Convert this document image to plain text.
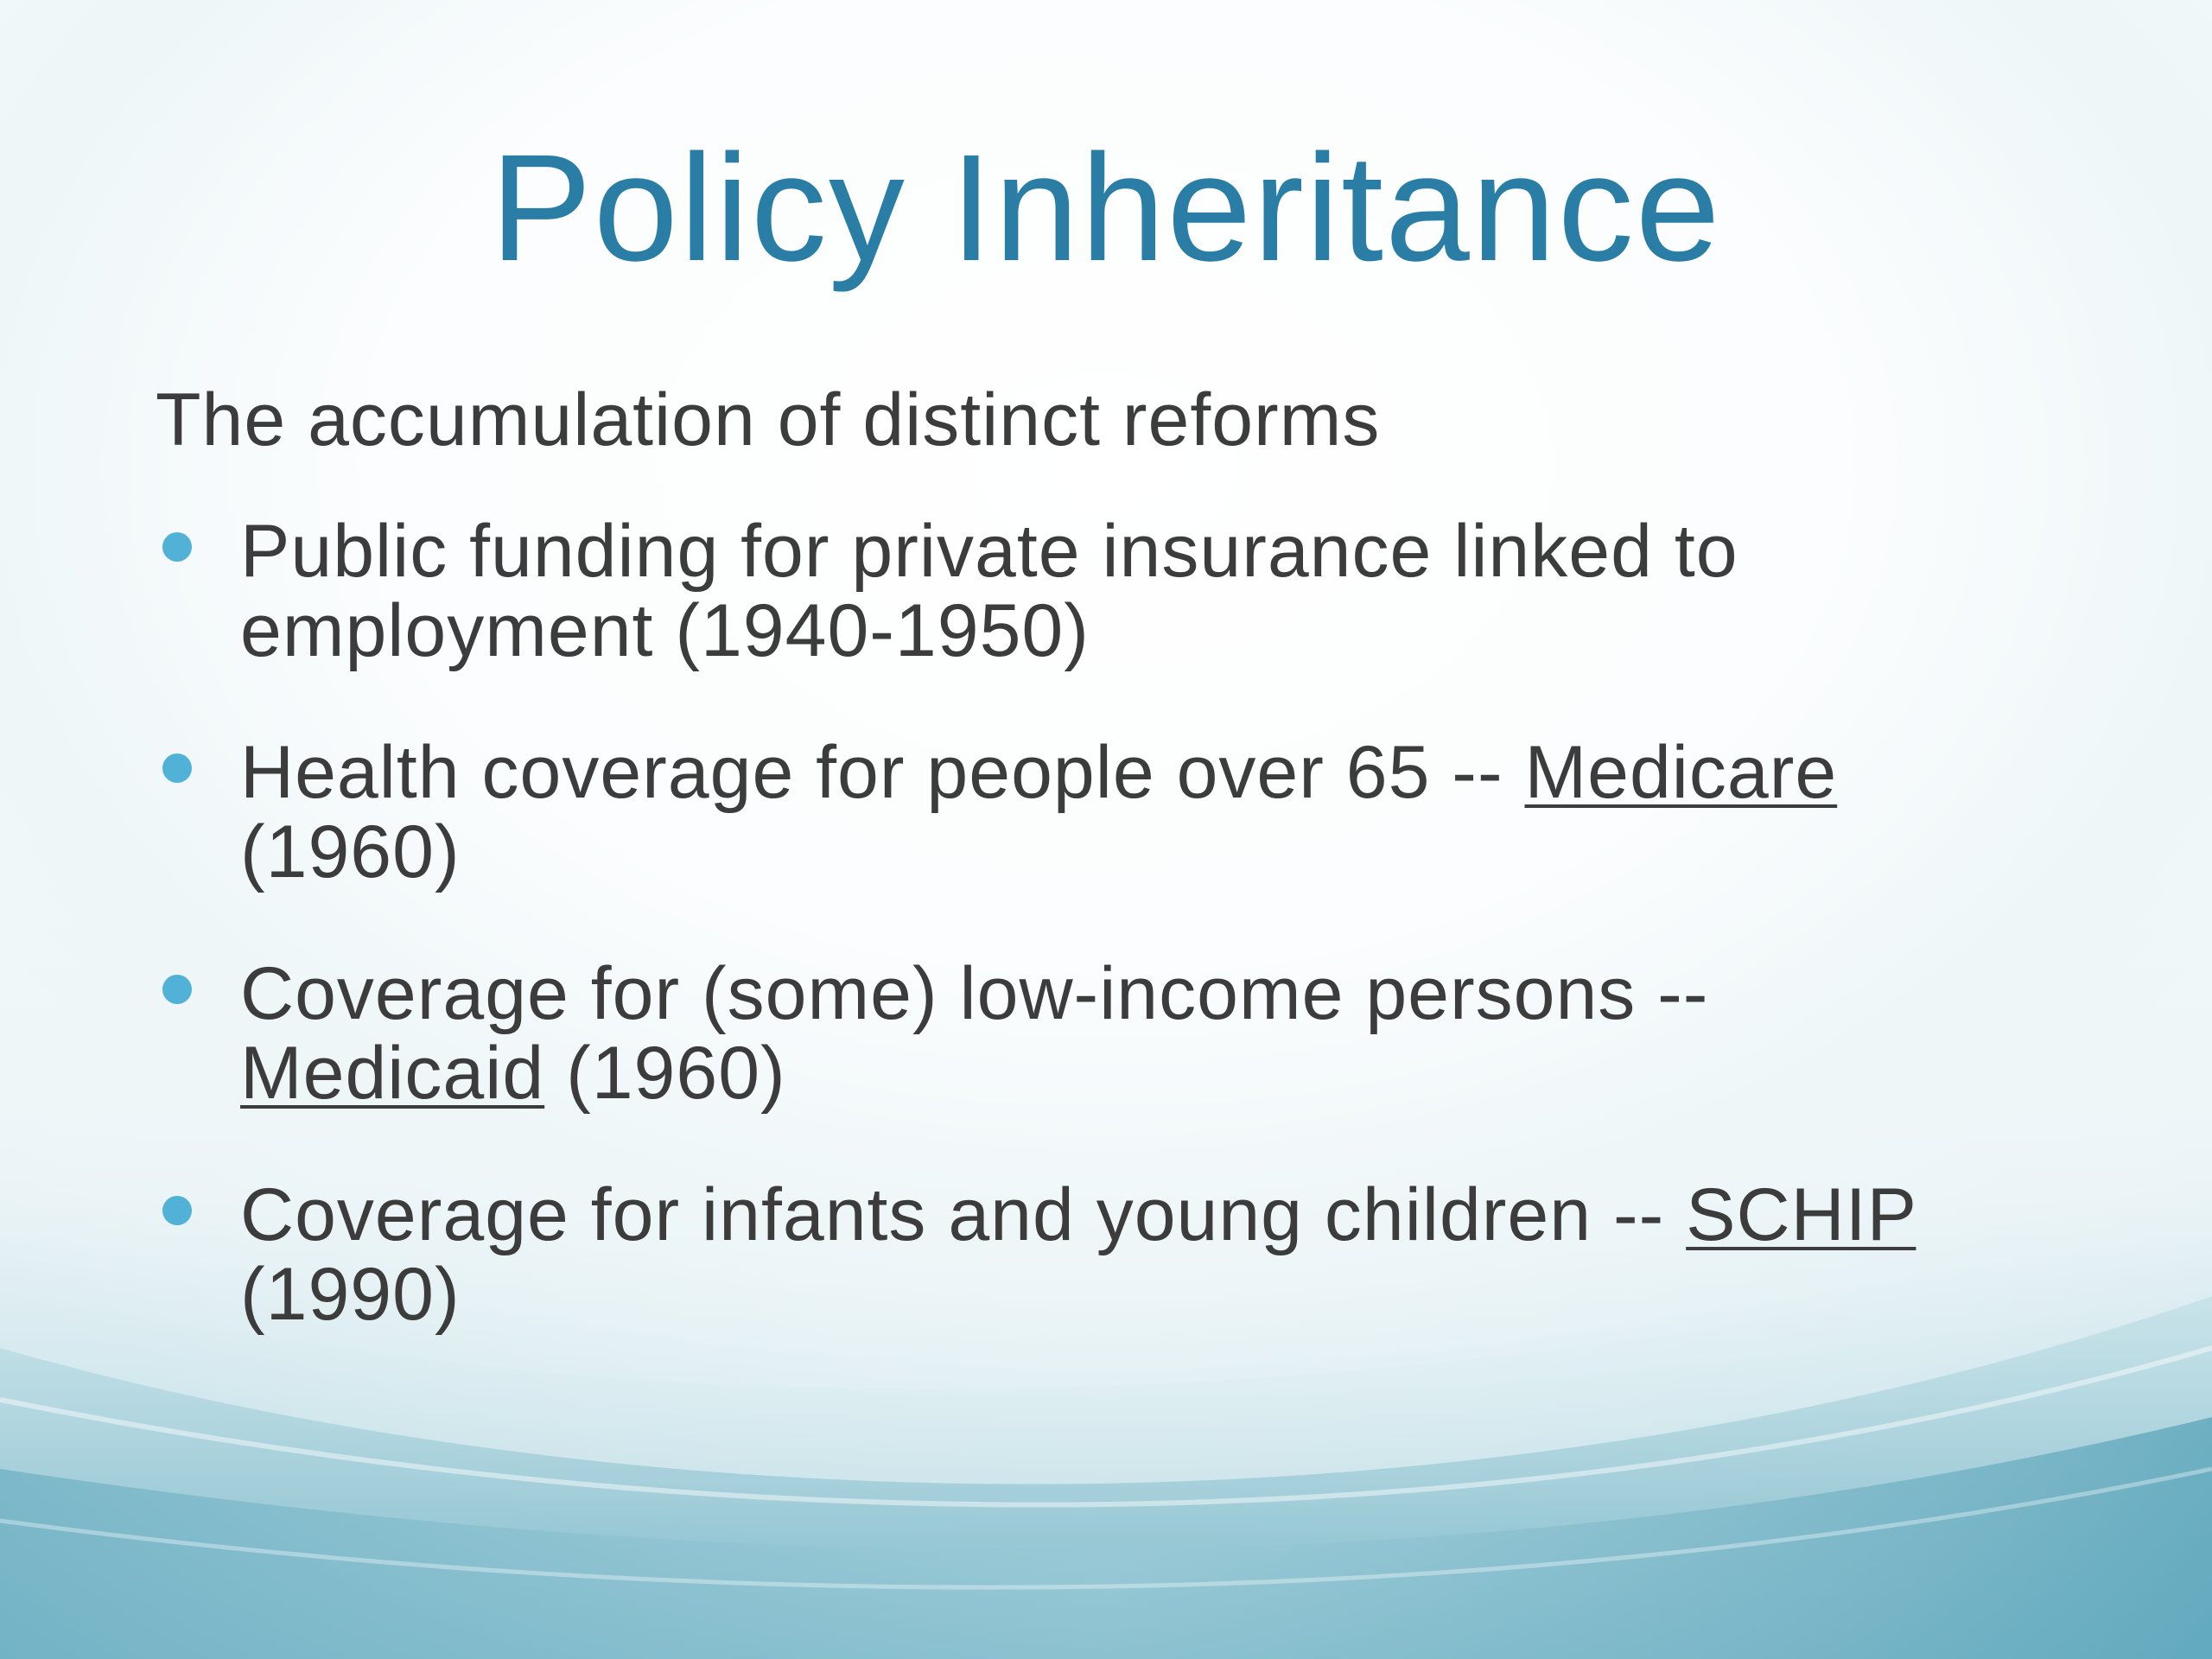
Policy Inheritance
The accumulation of distinct reforms
Public funding for private insurance linked to employment (1940-1950)
Health coverage for people over 65 -- Medicare (1960)
Coverage for (some) low-income persons -- Medicaid (1960)
Coverage for infants and young children -- SCHIP (1990)
